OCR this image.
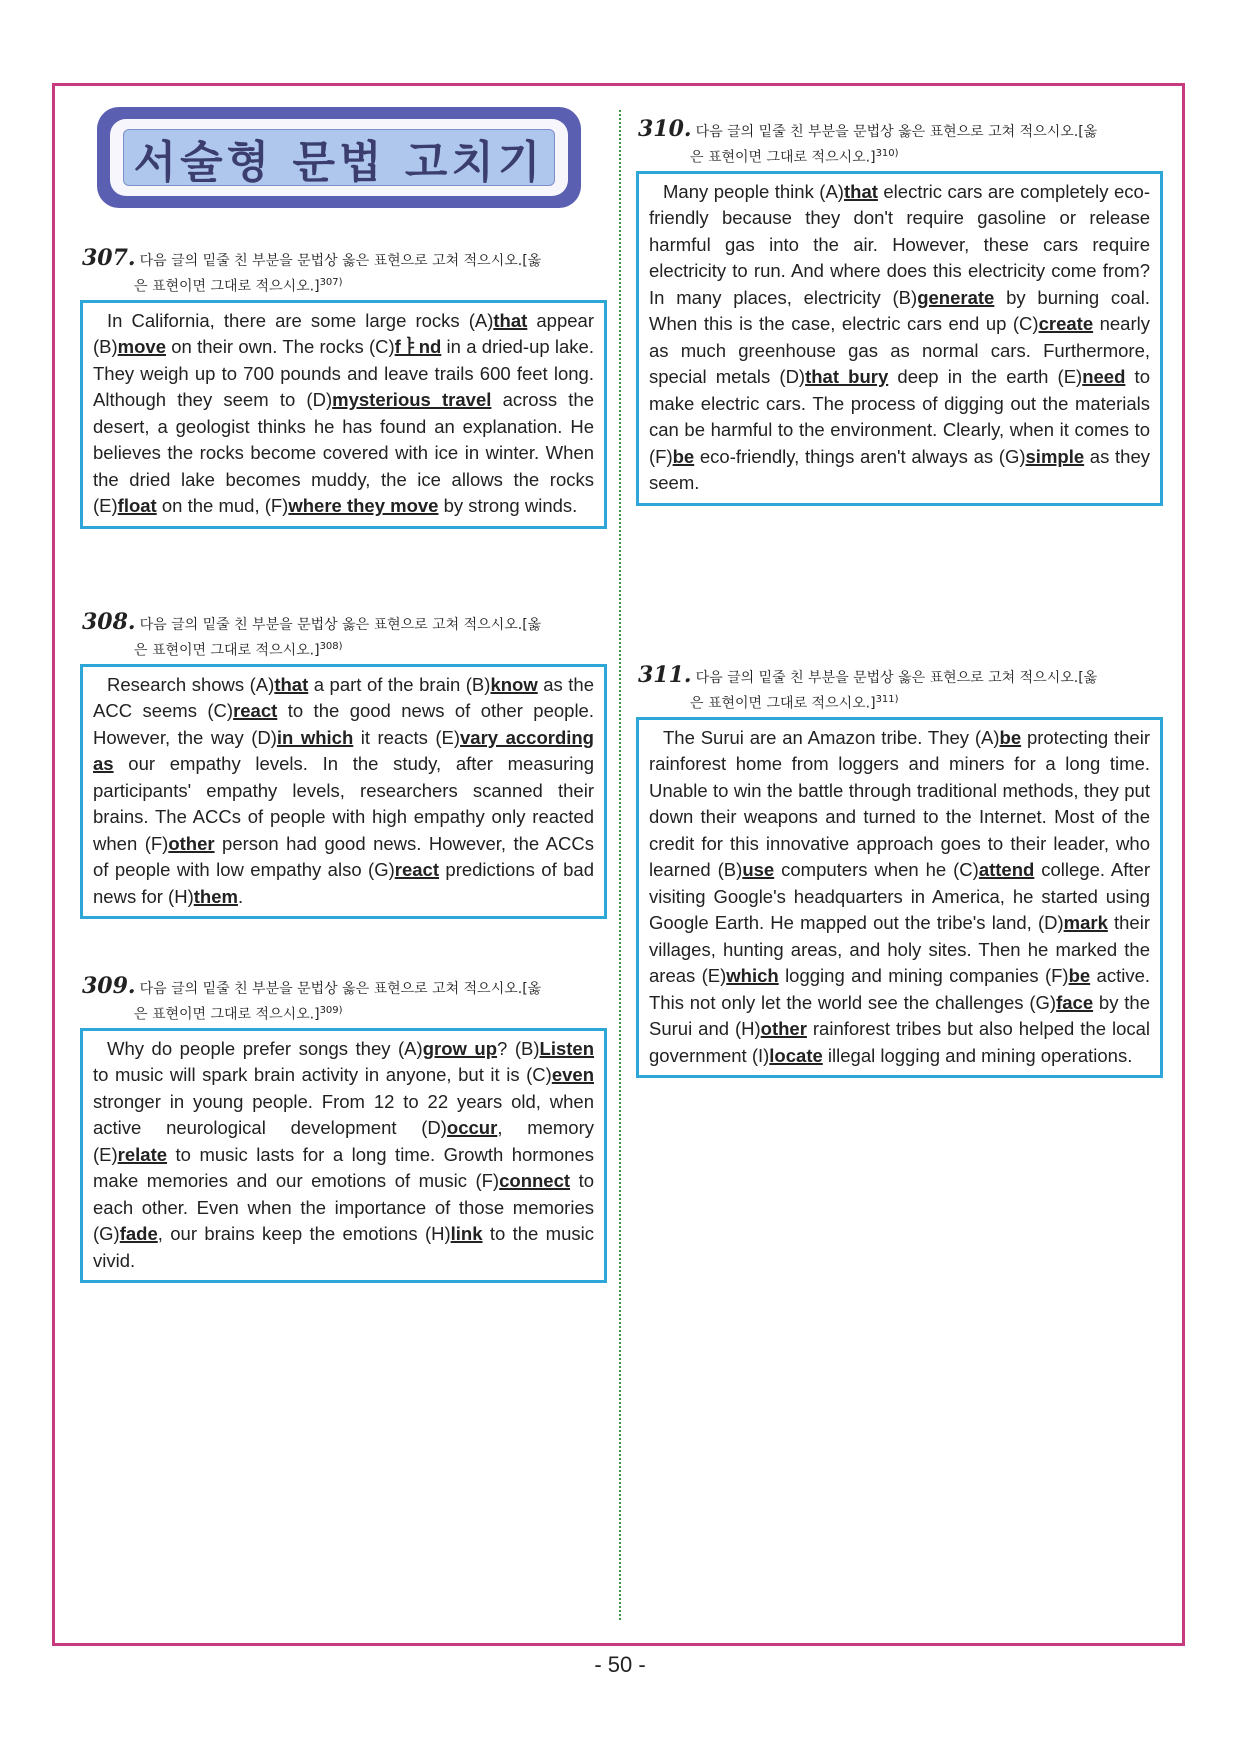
서술형 문법 고치기
307. 다음 글의 밑줄 친 부분을 문법상 옳은 표현으로 고쳐 적으시오.[옳
은 표현이면 그대로 적으시오.]$^{307)}$

In California, there are some large rocks (A)that appear (B)move on their own. The rocks (C)fㅑnd in a dried-up lake. They weigh up to 700 pounds and leave trails 600 feet long. Although they seem to (D)mysterious travel across the desert, a geologist thinks he has found an explanation. He believes the rocks become covered with ice in winter. When the dried lake becomes muddy, the ice allows the rocks (E)float on the mud, (F)where they move by strong winds.

308. 다음 글의 밑줄 친 부분을 문법상 옳은 표현으로 고쳐 적으시오.[옳
은 표현이면 그대로 적으시오.]$^{308)}$

Research shows (A)that a part of the brain (B)know as the ACC seems (C)react to the good news of other people. However, the way (D)in which it reacts (E)vary according as our empathy levels. In the study, after measuring participants' empathy levels, researchers scanned their brains. The ACCs of people with high empathy only reacted when (F)other person had good news. However, the ACCs of people with low empathy also (G)react predictions of bad news for (H)them.

309. 다음 글의 밑줄 친 부분을 문법상 옳은 표현으로 고쳐 적으시오.[옳
은 표현이면 그대로 적으시오.]$^{309)}$

Why do people prefer songs they (A)grow up? (B)Listen to music will spark brain activity in anyone, but it is (C)even stronger in young people. From 12 to 22 years old, when active neurological development (D)occur, memory (E)relate to music lasts for a long time. Growth hormones make memories and our emotions of music (F)connect to each other. Even when the importance of those memories (G)fade, our brains keep the emotions (H)link to the music vivid.

310. 다음 글의 밑줄 친 부분을 문법상 옳은 표현으로 고쳐 적으시오.[옳
은 표현이면 그대로 적으시오.]$^{310)}$

Many people think (A)that electric cars are completely eco-friendly because they don't require gasoline or release harmful gas into the air. However, these cars require electricity to run. And where does this electricity come from? In many places, electricity (B)generate by burning coal. When this is the case, electric cars end up (C)create nearly as much greenhouse gas as normal cars. Furthermore, special metals (D)that bury deep in the earth (E)need to make electric cars. The process of digging out the materials can be harmful to the environment. Clearly, when it comes to (F)be eco-friendly, things aren't always as (G)simple as they seem.

311. 다음 글의 밑줄 친 부분을 문법상 옳은 표현으로 고쳐 적으시오.[옳
은 표현이면 그대로 적으시오.]$^{311)}$

The Surui are an Amazon tribe. They (A)be protecting their rainforest home from loggers and miners for a long time. Unable to win the battle through traditional methods, they put down their weapons and turned to the Internet. Most of the credit for this innovative approach goes to their leader, who learned (B)use computers when he (C)attend college. After visiting Google's headquarters in America, he started using Google Earth. He mapped out the tribe's land, (D)mark their villages, hunting areas, and holy sites. Then he marked the areas (E)which logging and mining companies (F)be active. This not only let the world see the challenges (G)face by the Surui and (H)other rainforest tribes but also helped the local government (I)locate illegal logging and mining operations.

- 50 -
